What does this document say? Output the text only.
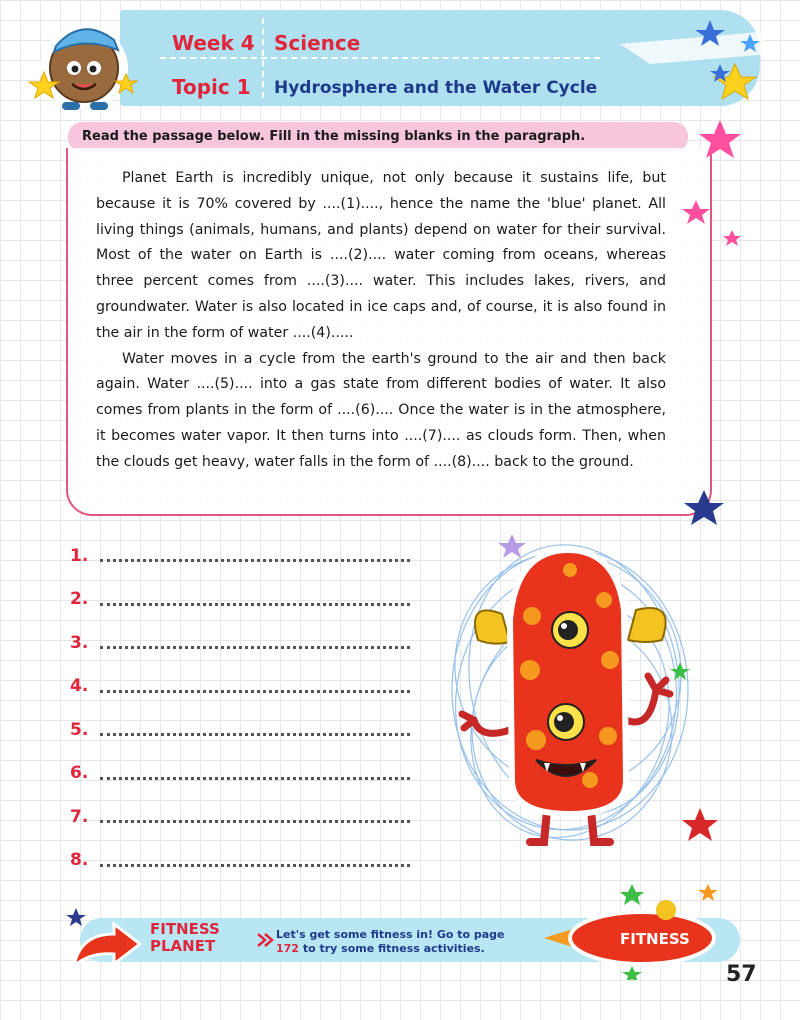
Week 4 Science
Topic 1 Hydrosphere and the Water Cycle
Read the passage below. Fill in the missing blanks in the paragraph.

Planet Earth is incredibly unique, not only because it sustains life, but because it is 70% covered by ....(1)...., hence the name the 'blue' planet. All living things (animals, humans, and plants) depend on water for their survival. Most of the water on Earth is ....(2).... water coming from oceans, whereas three percent comes from ....(3).... water. This includes lakes, rivers, and groundwater. Water is also located in ice caps and, of course, it is also found in the air in the form of water ....(4).....

Water moves in a cycle from the earth's ground to the air and then back again. Water ....(5).... into a gas state from different bodies of water. It also comes from plants in the form of ....(6).... Once the water is in the atmosphere, it becomes water vapor. It then turns into ....(7).... as clouds form. Then, when the clouds get heavy, water falls in the form of ....(8).... back to the ground.

1.
2.
3.
4.
5.
6.
7.
8.
FITNESS
PLANET
Let's get some fitness in! Go to page
172 to try some fitness activities.
FITNESS
57
